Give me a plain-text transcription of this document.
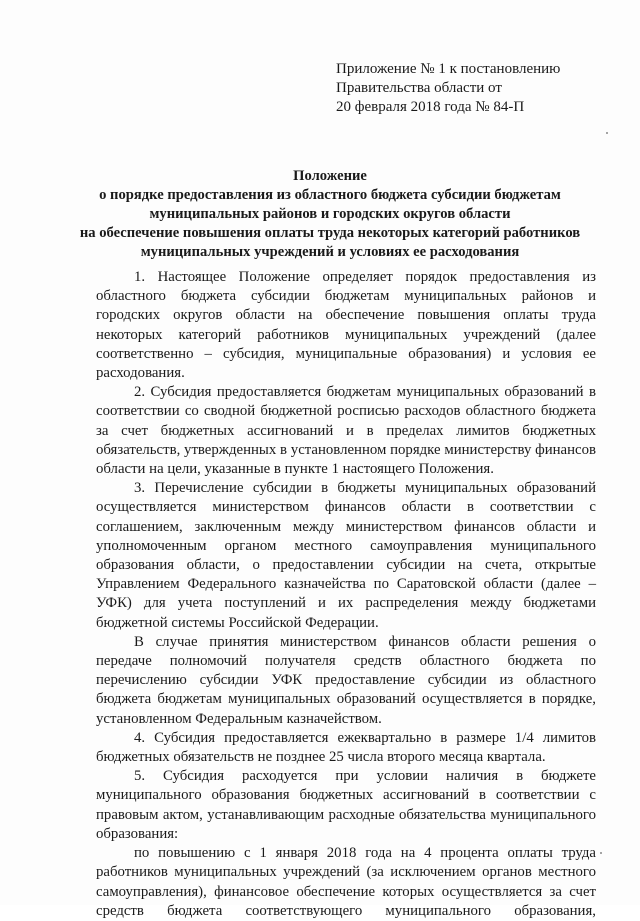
Приложение № 1 к постановлению
Правительства области от
20 февраля 2018 года № 84-П
Положение
о порядке предоставления из областного бюджета субсидии бюджетам
муниципальных районов и городских округов области
на обеспечение повышения оплаты труда некоторых категорий работников
муниципальных учреждений и условиях ее расходования

1. Настоящее Положение определяет порядок предоставления из областного бюджета субсидии бюджетам муниципальных районов и городских округов области на обеспечение повышения оплаты труда некоторых категорий работников муниципальных учреждений (далее соответственно – субсидия, муниципальные образования) и условия ее расходования.

2. Субсидия предоставляется бюджетам муниципальных образований в соответствии со сводной бюджетной росписью расходов областного бюджета за счет бюджетных ассигнований и в пределах лимитов бюджетных обязательств, утвержденных в установленном порядке министерству финансов области на цели, указанные в пункте 1 настоящего Положения.

3. Перечисление субсидии в бюджеты муниципальных образований осуществляется министерством финансов области в соответствии с соглашением, заключенным между министерством финансов области и уполномоченным органом местного самоуправления муниципального образования области, о предоставлении субсидии на счета, открытые Управлением Федерального казначейства по Саратовской области (далее – УФК) для учета поступлений и их распределения между бюджетами бюджетной системы Российской Федерации.

В случае принятия министерством финансов области решения о передаче полномочий получателя средств областного бюджета по перечислению субсидии УФК предоставление субсидии из областного бюджета бюджетам муниципальных образований осуществляется в порядке, установленном Федеральным казначейством.

4. Субсидия предоставляется ежеквартально в размере 1/4 лимитов бюджетных обязательств не позднее 25 числа второго месяца квартала.

5. Субсидия расходуется при условии наличия в бюджете муниципального образования бюджетных ассигнований в соответствии с правовым актом, устанавливающим расходные обязательства муниципального образования:

по повышению с 1 января 2018 года на 4 процента оплаты труда работников муниципальных учреждений (за исключением органов местного самоуправления), финансовое обеспечение которых осуществляется за счет средств бюджета соответствующего муниципального образования,
